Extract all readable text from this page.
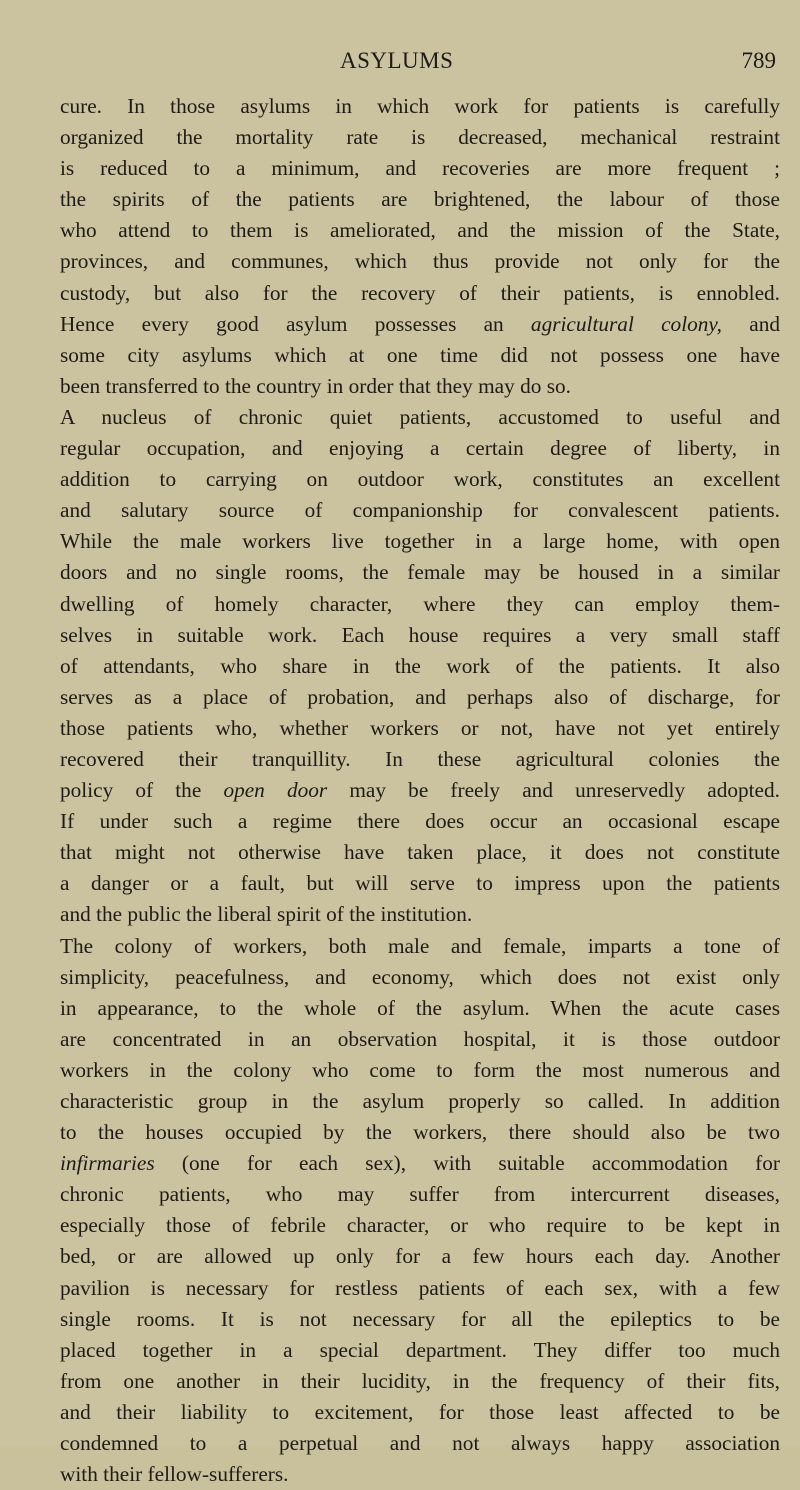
ASYLUMS	789
cure. In those asylums in which work for patients is carefully
organized the mortality rate is decreased, mechanical restraint
is reduced to a minimum, and recoveries are more frequent ;
the spirits of the patients are brightened, the labour of those
who attend to them is ameliorated, and the mission of the State,
provinces, and communes, which thus provide not only for the
custody, but also for the recovery of their patients, is ennobled.
Hence every good asylum possesses an agricultural colony, and
some city asylums which at one time did not possess one have
been transferred to the country in order that they may do so.
A nucleus of chronic quiet patients, accustomed to useful and
regular occupation, and enjoying a certain degree of liberty, in
addition to carrying on outdoor work, constitutes an excellent
and salutary source of companionship for convalescent patients.
While the male workers live together in a large home, with open
doors and no single rooms, the female may be housed in a similar
dwelling of homely character, where they can employ them-
selves in suitable work. Each house requires a very small staff
of attendants, who share in the work of the patients. It also
serves as a place of probation, and perhaps also of discharge, for
those patients who, whether workers or not, have not yet entirely
recovered their tranquillity. In these agricultural colonies the
policy of the open door may be freely and unreservedly adopted.
If under such a regime there does occur an occasional escape
that might not otherwise have taken place, it does not constitute
a danger or a fault, but will serve to impress upon the patients
and the public the liberal spirit of the institution.
The colony of workers, both male and female, imparts a tone of
simplicity, peacefulness, and economy, which does not exist only
in appearance, to the whole of the asylum. When the acute cases
are concentrated in an observation hospital, it is those outdoor
workers in the colony who come to form the most numerous and
characteristic group in the asylum properly so called. In addition
to the houses occupied by the workers, there should also be two
infirmaries (one for each sex), with suitable accommodation for
chronic patients, who may suffer from intercurrent diseases,
especially those of febrile character, or who require to be kept in
bed, or are allowed up only for a few hours each day. Another
pavilion is necessary for restless patients of each sex, with a few
single rooms. It is not necessary for all the epileptics to be
placed together in a special department. They differ too much
from one another in their lucidity, in the frequency of their fits,
and their liability to excitement, for those least affected to be
condemned to a perpetual and not always happy association
with their fellow-sufferers.
